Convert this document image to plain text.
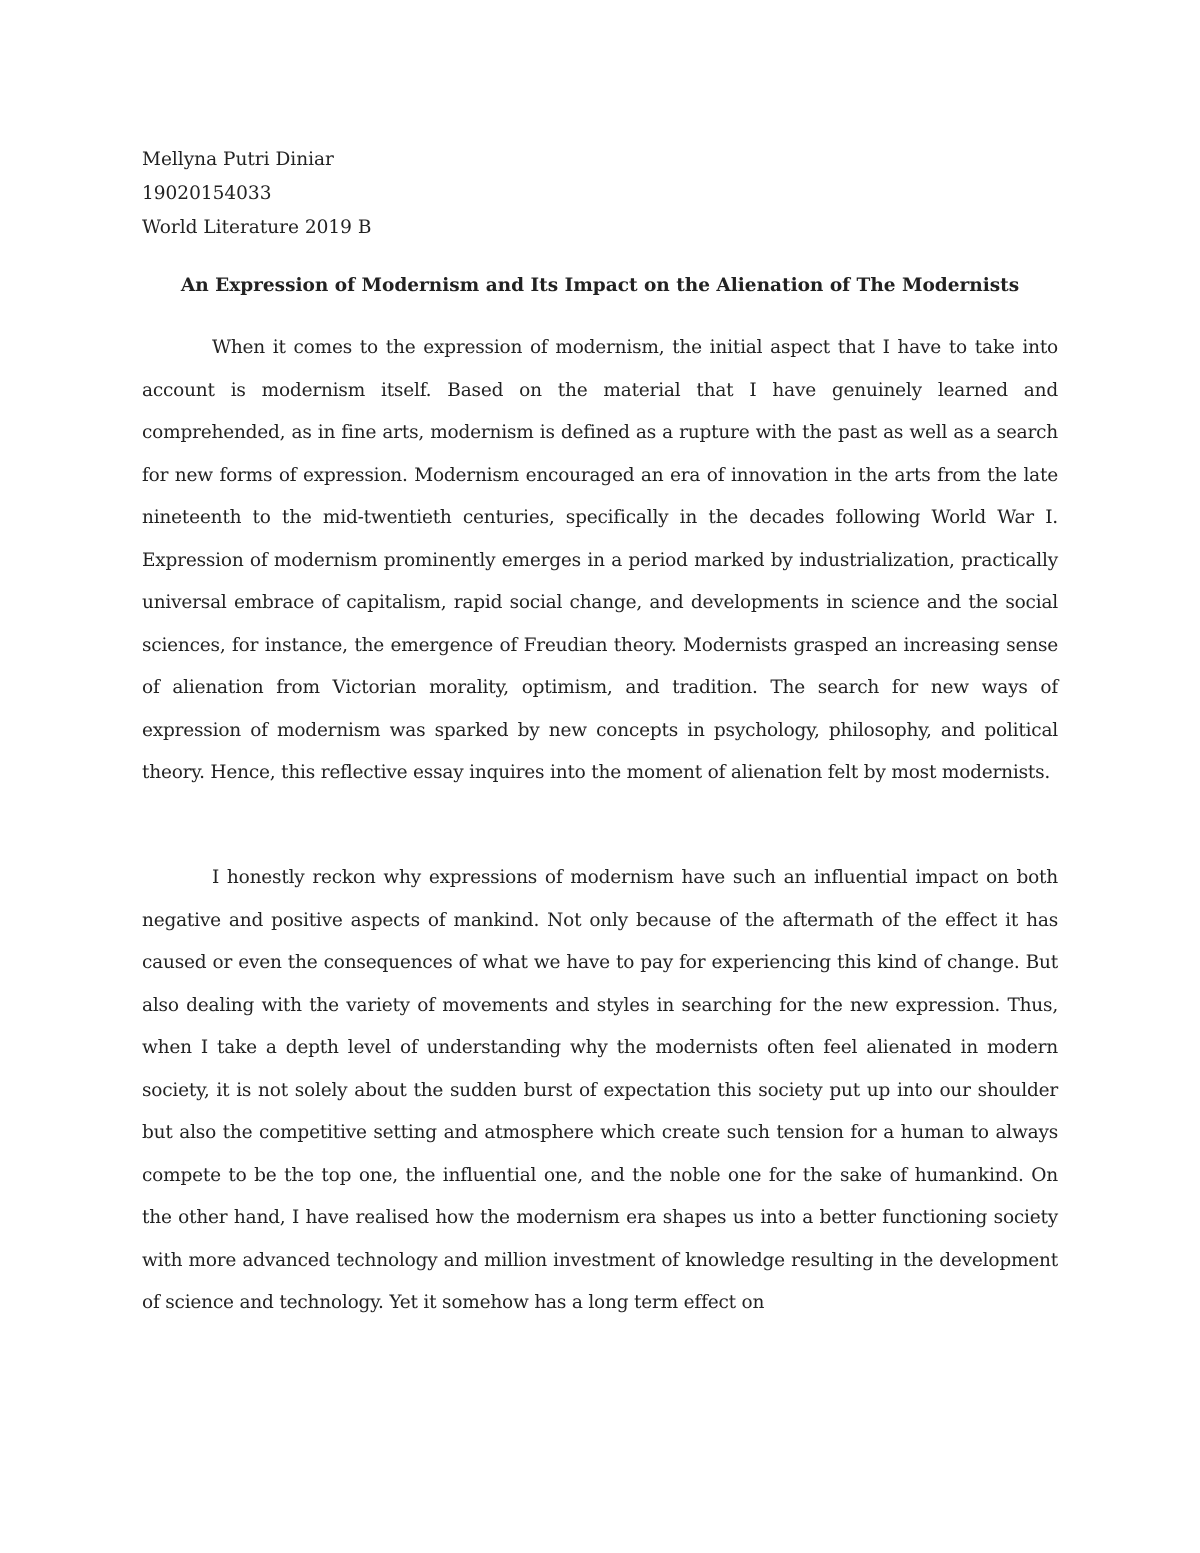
Mellyna Putri Diniar
19020154033
World Literature 2019 B
An Expression of Modernism and Its Impact on the Alienation of The Modernists

When it comes to the expression of modernism, the initial aspect that I have to take into account is modernism itself. Based on the material that I have genuinely learned and comprehended, as in fine arts, modernism is defined as a rupture with the past as well as a search for new forms of expression. Modernism encouraged an era of innovation in the arts from the late nineteenth to the mid-twentieth centuries, specifically in the decades following World War I. Expression of modernism prominently emerges in a period marked by industrialization, practically universal embrace of capitalism, rapid social change, and developments in science and the social sciences, for instance, the emergence of Freudian theory. Modernists grasped an increasing sense of alienation from Victorian morality, optimism, and tradition. The search for new ways of expression of modernism was sparked by new concepts in psychology, philosophy, and political theory. Hence, this reflective essay inquires into the moment of alienation felt by most modernists.

I honestly reckon why expressions of modernism have such an influential impact on both negative and positive aspects of mankind. Not only because of the aftermath of the effect it has caused or even the consequences of what we have to pay for experiencing this kind of change. But also dealing with the variety of movements and styles in searching for the new expression. Thus, when I take a depth level of understanding why the modernists often feel alienated in modern society, it is not solely about the sudden burst of expectation this society put up into our shoulder but also the competitive setting and atmosphere which create such tension for a human to always compete to be the top one, the influential one, and the noble one for the sake of humankind. On the other hand, I have realised how the modernism era shapes us into a better functioning society with more advanced technology and million investment of knowledge resulting in the development of science and technology. Yet it somehow has a long term effect on
